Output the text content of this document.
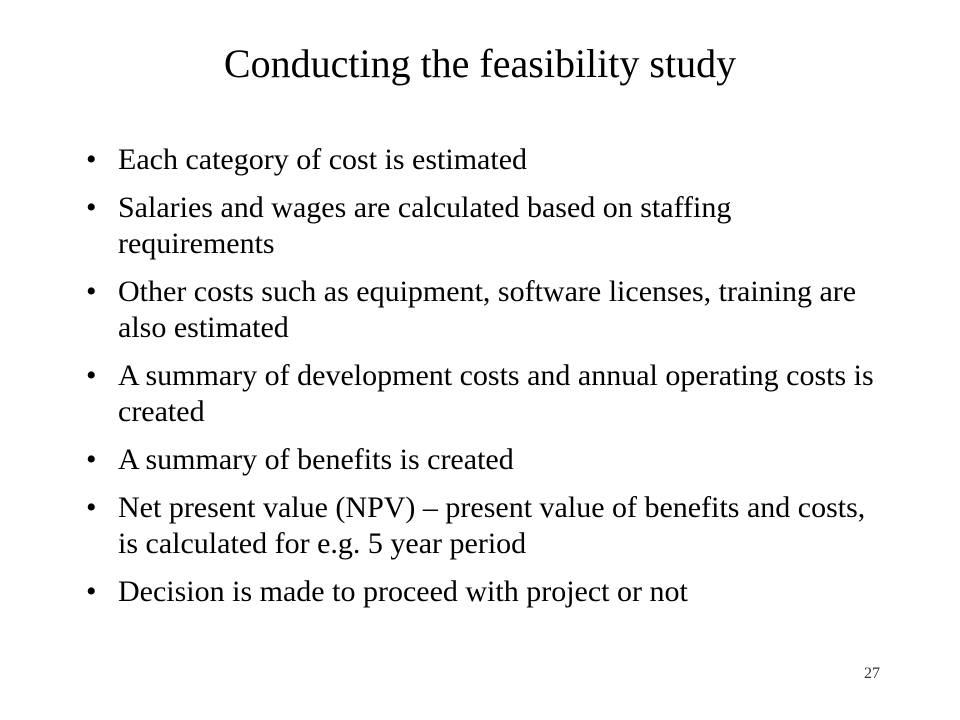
Conducting the feasibility study
• Each category of cost is estimated
• Salaries and wages are calculated based on staffing requirements
• Other costs such as equipment, software licenses, training are also estimated
• A summary of development costs and annual operating costs is created
• A summary of benefits is created
• Net present value (NPV) – present value of benefits and costs, is calculated for e.g. 5 year period
• Decision is made to proceed with project or not
27
